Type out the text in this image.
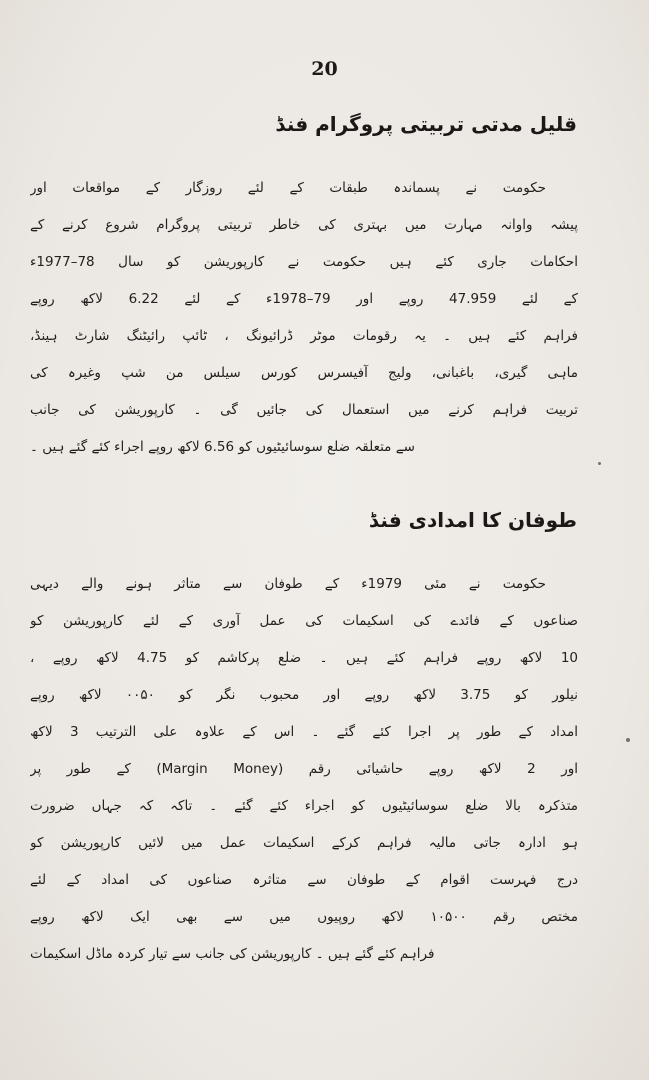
20
قلیل مدتی تربیتی پروگرام فنڈ
حکومت نے پسماندہ طبقات کے لئے روزگار کے مواقعات اور
پیشہ واوانہ مہارت میں بہتری کی خاطر تربیتی پروگرام شروع کرنے کے
احکامات جاری کئے ہیں حکومت نے کارپوریشن کو سال 78–1977ء
کے لئے 47.959 روپے اور 79–1978ء کے لئے 6.22 لاکھ روپے
فراہم کئے ہیں ۔ یہ رقومات موٹر ڈرائیونگ ، ٹائپ رائیٹنگ شارٹ ہینڈ،
ماہی گیری، باغبانی، ولیج آفیسرس کورس سیلس من شپ وغیرہ کی
تربیت فراہم کرنے میں استعمال کی جائیں گی ۔ کارپوریشن کی جانب
سے متعلقہ ضلع سوسائیٹیوں کو 6.56 لاکھ روپے اجراء کئے گئے ہیں ۔
طوفان کا امدادی فنڈ
حکومت نے مئی 1979ء کے طوفان سے متاثر ہونے والے دیہی
صناعوں کے فائدے کی اسکیمات کی عمل آوری کے لئے کارپوریشن کو
10 لاکھ روپے فراہم کئے ہیں ۔ ضلع پرکاشم کو 4.75 لاکھ روپے ،
نیلور کو 3.75 لاکھ روپے اور محبوب نگر کو ۰۰۵۰ لاکھ روپے
امداد کے طور پر اجرا کئے گئے ۔ اس کے علاوہ علی الترتیب 3 لاکھ
اور 2 لاکھ روپے حاشیائی رقم (Margin Money) کے طور پر
متذکرہ بالا ضلع سوسائیٹیوں کو اجراء کئے گئے ۔ تاکہ کہ جہاں ضرورت
ہو ادارہ جاتی مالیہ فراہم کرکے اسکیمات عمل میں لائیں کارپوریشن کو
درج فہرست اقوام کے طوفان سے متاثرہ صناعوں کی امداد کے لئے
مختص رقم ۱۰۵۰۰ لاکھ روپیوں میں سے بھی ایک لاکھ روپے
فراہم کئے گئے ہیں ۔ کارپوریشن کی جانب سے تیار کردہ ماڈل اسکیمات
